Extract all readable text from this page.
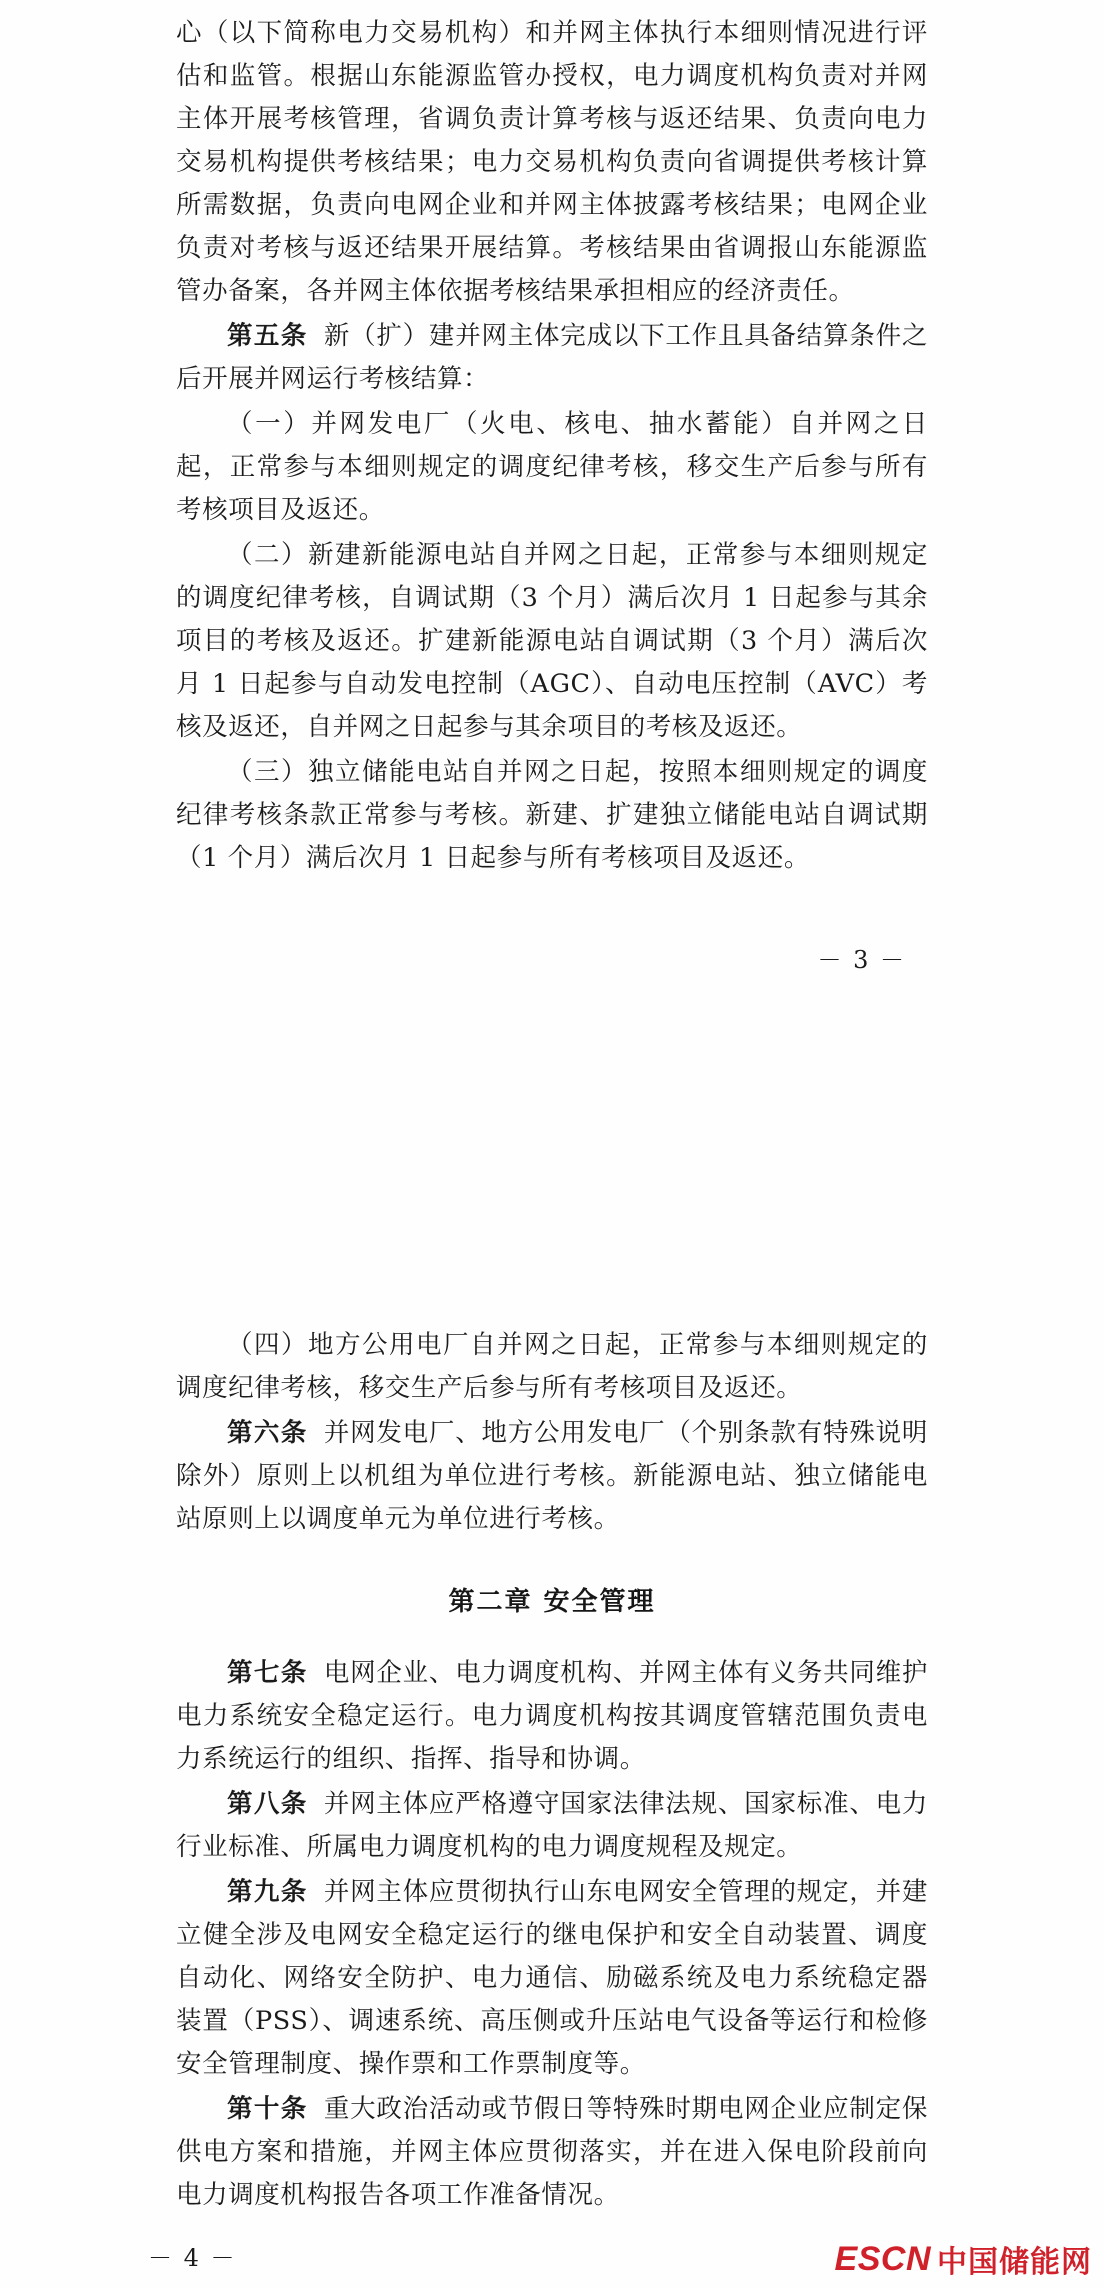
心（以下简称电力交易机构）和并网主体执行本细则情况进行评估和监管。根据山东能源监管办授权，电力调度机构负责对并网主体开展考核管理，省调负责计算考核与返还结果、负责向电力交易机构提供考核结果；电力交易机构负责向省调提供考核计算所需数据，负责向电网企业和并网主体披露考核结果；电网企业负责对考核与返还结果开展结算。考核结果由省调报山东能源监管办备案，各并网主体依据考核结果承担相应的经济责任。

第五条 新（扩）建并网主体完成以下工作且具备结算条件之后开展并网运行考核结算：

（一）并网发电厂（火电、核电、抽水蓄能）自并网之日起，正常参与本细则规定的调度纪律考核，移交生产后参与所有考核项目及返还。

（二）新建新能源电站自并网之日起，正常参与本细则规定的调度纪律考核，自调试期（3 个月）满后次月 1 日起参与其余项目的考核及返还。扩建新能源电站自调试期（3 个月）满后次月 1 日起参与自动发电控制（AGC）、自动电压控制（AVC）考核及返还，自并网之日起参与其余项目的考核及返还。

（三）独立储能电站自并网之日起，按照本细则规定的调度纪律考核条款正常参与考核。新建、扩建独立储能电站自调试期（1 个月）满后次月 1 日起参与所有考核项目及返还。

－ 3 －

（四）地方公用电厂自并网之日起，正常参与本细则规定的调度纪律考核，移交生产后参与所有考核项目及返还。

第六条 并网发电厂、地方公用发电厂（个别条款有特殊说明除外）原则上以机组为单位进行考核。新能源电站、独立储能电站原则上以调度单元为单位进行考核。

第二章 安全管理

第七条 电网企业、电力调度机构、并网主体有义务共同维护电力系统安全稳定运行。电力调度机构按其调度管辖范围负责电力系统运行的组织、指挥、指导和协调。

第八条 并网主体应严格遵守国家法律法规、国家标准、电力行业标准、所属电力调度机构的电力调度规程及规定。

第九条 并网主体应贯彻执行山东电网安全管理的规定，并建立健全涉及电网安全稳定运行的继电保护和安全自动装置、调度自动化、网络安全防护、电力通信、励磁系统及电力系统稳定器装置（PSS）、调速系统、高压侧或升压站电气设备等运行和检修安全管理制度、操作票和工作票制度等。

第十条 重大政治活动或节假日等特殊时期电网企业应制定保供电方案和措施，并网主体应贯彻落实，并在进入保电阶段前向电力调度机构报告各项工作准备情况。

－ 4 －	ESCN 中国储能网
